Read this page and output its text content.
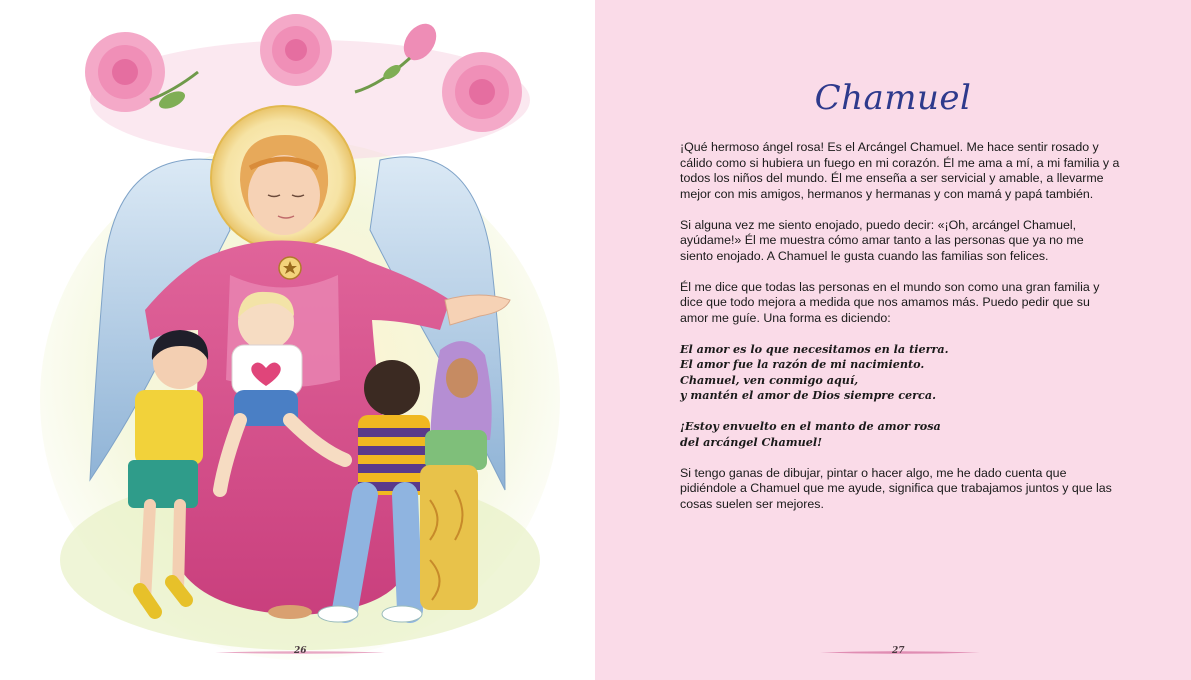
26
Chamuel

¡Qué hermoso ángel rosa! Es el Arcángel Chamuel. Me hace sentir rosado y cálido como si hubiera un fuego en mi corazón. Él me ama a mí, a mi familia y a todos los niños del mundo. Él me enseña a ser servicial y amable, a llevarme mejor con mis amigos, hermanos y hermanas y con mamá y papá también.

Si alguna vez me siento enojado, puedo decir: «¡Oh, arcángel Chamuel, ayúdame!» Él me muestra cómo amar tanto a las personas que ya no me siento enojado. A Chamuel le gusta cuando las familias son felices.

Él me dice que todas las personas en el mundo son como una gran familia y dice que todo mejora a medida que nos amamos más. Puedo pedir que su amor me guíe. Una forma es diciendo:

El amor es lo que necesitamos en la tierra.
El amor fue la razón de mi nacimiento.
Chamuel, ven conmigo aquí,
y mantén el amor de Dios siempre cerca.

¡Estoy envuelto en el manto de amor rosa
del arcángel Chamuel!

Si tengo ganas de dibujar, pintar o hacer algo, me he dado cuenta que pidiéndole a Chamuel que me ayude, significa que trabajamos juntos y que las cosas suelen ser mejores.

27
